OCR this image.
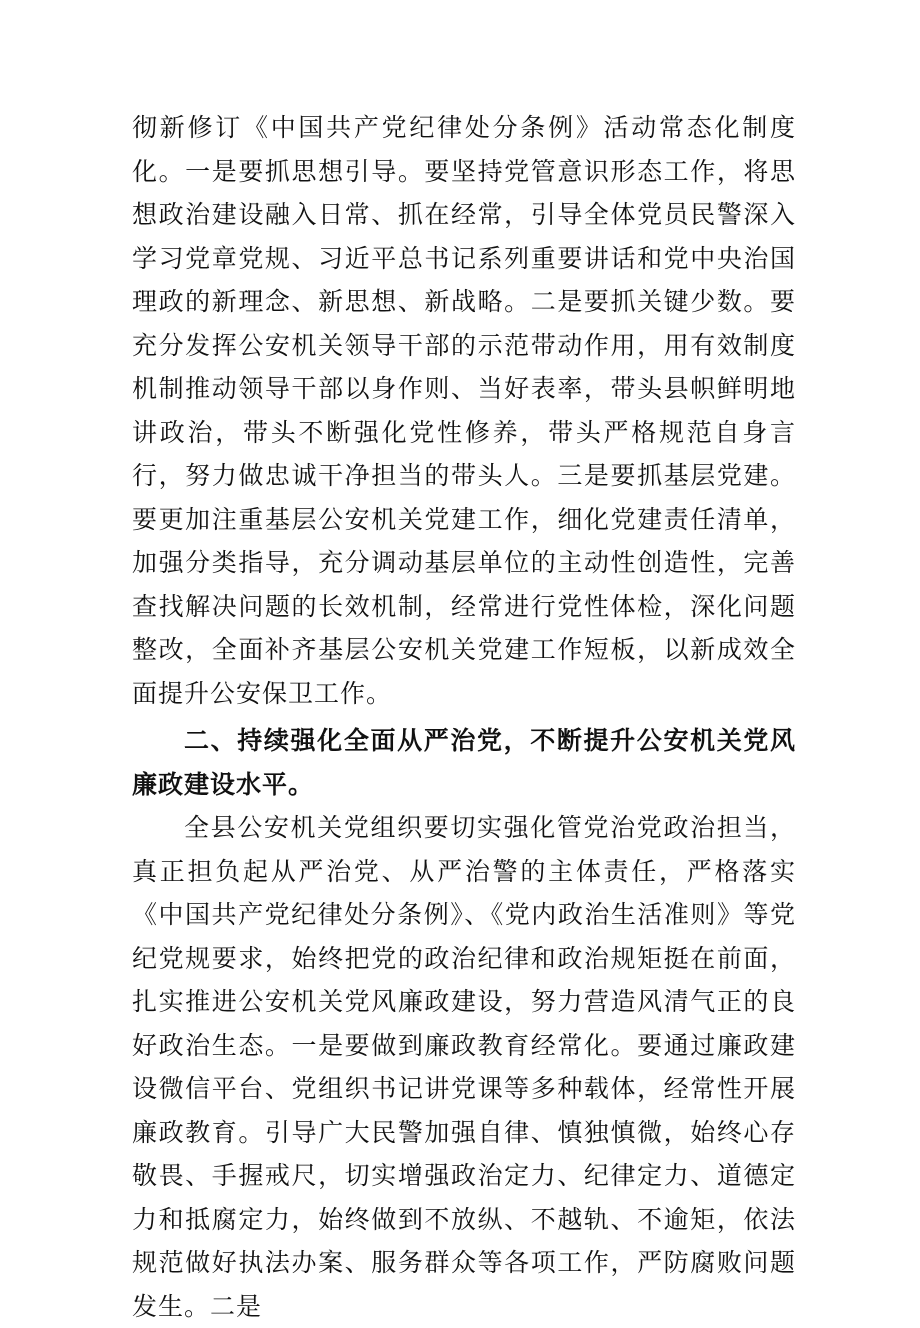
彻新修订《中国共产党纪律处分条例》活动常态化制度化。一是要抓思想引导。要坚持党管意识形态工作，将思想政治建设融入日常、抓在经常，引导全体党员民警深入学习党章党规、习近平总书记系列重要讲话和党中央治国理政的新理念、新思想、新战略。二是要抓关键少数。要充分发挥公安机关领导干部的示范带动作用，用有效制度机制推动领导干部以身作则、当好表率，带头县帜鲜明地讲政治，带头不断强化党性修养，带头严格规范自身言行，努力做忠诚干净担当的带头人。三是要抓基层党建。要更加注重基层公安机关党建工作，细化党建责任清单，加强分类指导，充分调动基层单位的主动性创造性，完善查找解决问题的长效机制，经常进行党性体检，深化问题整改，全面补齐基层公安机关党建工作短板，以新成效全面提升公安保卫工作。

二、持续强化全面从严治党，不断提升公安机关党风廉政建设水平。

全县公安机关党组织要切实强化管党治党政治担当，真正担负起从严治党、从严治警的主体责任，严格落实《中国共产党纪律处分条例》、《党内政治生活准则》等党纪党规要求，始终把党的政治纪律和政治规矩挺在前面，扎实推进公安机关党风廉政建设，努力营造风清气正的良好政治生态。一是要做到廉政教育经常化。要通过廉政建设微信平台、党组织书记讲党课等多种载体，经常性开展廉政教育。引导广大民警加强自律、慎独慎微，始终心存敬畏、手握戒尺，切实增强政治定力、纪律定力、道德定力和抵腐定力，始终做到不放纵、不越轨、不逾矩，依法规范做好执法办案、服务群众等各项工作，严防腐败问题发生。二是
